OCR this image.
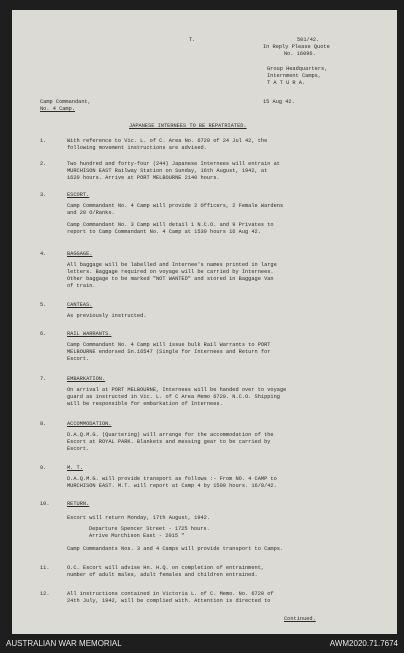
T.	501/42.
In Reply Please Quote
No. 16096.
Group Headquarters,
Internment Camps,
T A T U R A.
Camp Commandant,
No. 4 Camp.
15 Aug 42.
JAPANESE INTERNEES TO BE REPATRIATED.
1.	With reference to Vic. L. of C. Area No. 6720 of 24 Jul 42, the
following movement instructions are advised.
2.	Two hundred and forty-four (244) Japanese Internees will entrain at
MURCHISON EAST Railway Station on Sunday, 16th August, 1942, at
1620 hours. Arrive at PORT MELBOURNE 2140 hours.
3.	ESCORT.
Camp Commandant No. 4 Camp will provide 2 Officers, 2 Female Wardens
and 20 O/Ranks.
Camp Commandant No. 3 Camp will detail 1 N.C.O. and 9 Privates to
report to Camp Commandant No. 4 Camp at 1530 hours 16 Aug 42.
4.	BAGGAGE.
All baggage will be labelled and Internee's names printed in large
letters. Baggage required on voyage will be carried by Internees.
Other baggage to be marked "NOT WANTED" and stored in Baggage Van
of train.
5.	CANTEAS.
As previously instructed.
6.	RAIL WARRANTS.
Camp Commandant No. 4 Camp will issue bulk Rail Warrants to PORT
MELBOURNE endorsed Sn.16547 (Single for Internees and Return for
Escort.
7.	EMBARKATION.
On arrival at PORT MELBOURNE, Internees will be handed over to voyage
guard as instructed in Vic. L. of C Area Memo 6720. N.C.O. Shipping
will be responsible for embarkation of Internees.
8.	ACCOMMODATION.
D.A.Q.M.G. (Quartering) will arrange for the accommodation of the
Escort at ROYAL PARK. Blankets and messing gear to be carried by
Escort.
9.	M. T.
D.A.Q.M.G. will provide transport as follows :- From NO. 4 CAMP to
MURCHISON EAST. M.T. will report at Camp 4 by 1500 hours. 16/8/42.
10.	RETURN.
Escort will return Monday, 17th August, 1942.
Departure Spencer Street - 1725 hours.
Arrive Murchison East - 2015 "
Camp Commandants Nos. 3 and 4 Camps will provide transport to Camps.
11.	O.C. Escort will advise Hn. H.Q. on completion of entrainment,
number of adult males, adult females and children entrained.
12.	All instructions contained in Victoria L. of C. Memo. No. 6720 of
24th July, 1942, will be complied with. Attention is directed to
Continued.
AUSTRALIAN WAR MEMORIAL	AWM2020.71.7674
